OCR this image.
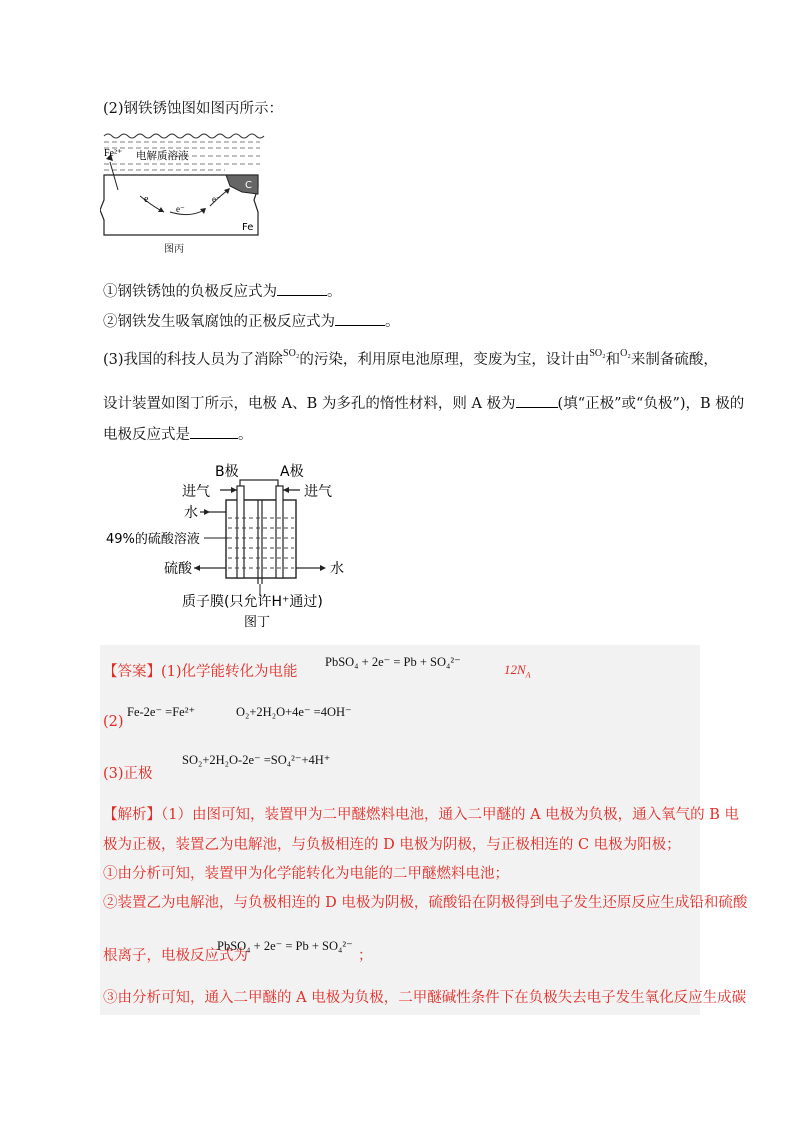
(2)钢铁锈蚀图如图丙所示：
Fe²⁺ 电解质溶液
C
e
e⁻
e⁻
Fe
图丙
①钢铁锈蚀的负极反应式为	。
②钢铁发生吸氧腐蚀的正极反应式为	。
(3)我国的科技人员为了消除$^{SO_2}$的污染，利用原电池原理，变废为宝，设计由$^{SO_2}$和$^{O_2}$来制备硫酸，
设计装置如图丁所示，电极 A、B 为多孔的惰性材料，则 A 极为	(填“正极”或“负极”)，B 极的
电极反应式是	。
B极	A极
进气	进气
水
49%的硫酸溶液
硫酸	水
质子膜(只允许H⁺通过)
图丁
【答案】(1)化学能转化为电能
PbSO₄ + 2e⁻ = Pb + SO₄²⁻	$12N_A$
(2)
Fe-2e⁻ =Fe²⁺	O₂+2H₂O+4e⁻ =4OH⁻
(3)正极
SO₂+2H₂O-2e⁻ =SO₄²⁻+4H⁺
【解析】（1）由图可知，装置甲为二甲醚燃料电池，通入二甲醚的 A 电极为负极，通入氧气的 B 电
极为正极，装置乙为电解池，与负极相连的 D 电极为阴极，与正极相连的 C 电极为阳极；
①由分析可知，装置甲为化学能转化为电能的二甲醚燃料电池；
②装置乙为电解池，与负极相连的 D 电极为阴极，硫酸铅在阴极得到电子发生还原反应生成铅和硫酸
根离子，电极反应式为
PbSO₄ + 2e⁻ = Pb + SO₄²⁻
；
③由分析可知，通入二甲醚的 A 电极为负极，二甲醚碱性条件下在负极失去电子发生氧化反应生成碳
